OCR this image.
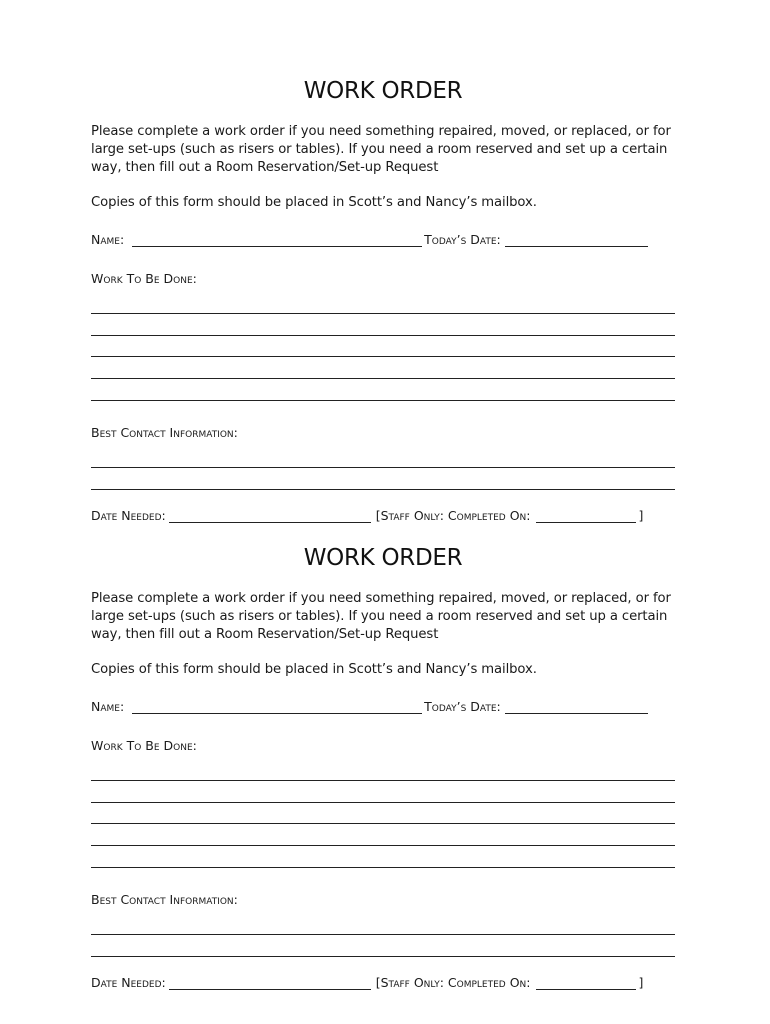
WORK ORDER

Please complete a work order if you need something repaired, moved, or replaced, or for large set-ups (such as risers or tables). If you need a room reserved and set up a certain way, then fill out a Room Reservation/Set-up Request

Copies of this form should be placed in Scott’s and Nancy’s mailbox.

Name:	Today’s Date:
Work To Be Done:
Best Contact Information:
Date Needed:	[Staff Only: Completed On:	]
WORK ORDER

Please complete a work order if you need something repaired, moved, or replaced, or for large set-ups (such as risers or tables). If you need a room reserved and set up a certain way, then fill out a Room Reservation/Set-up Request

Copies of this form should be placed in Scott’s and Nancy’s mailbox.

Name:	Today’s Date:
Work To Be Done:
Best Contact Information:
Date Needed:	[Staff Only: Completed On:	]
